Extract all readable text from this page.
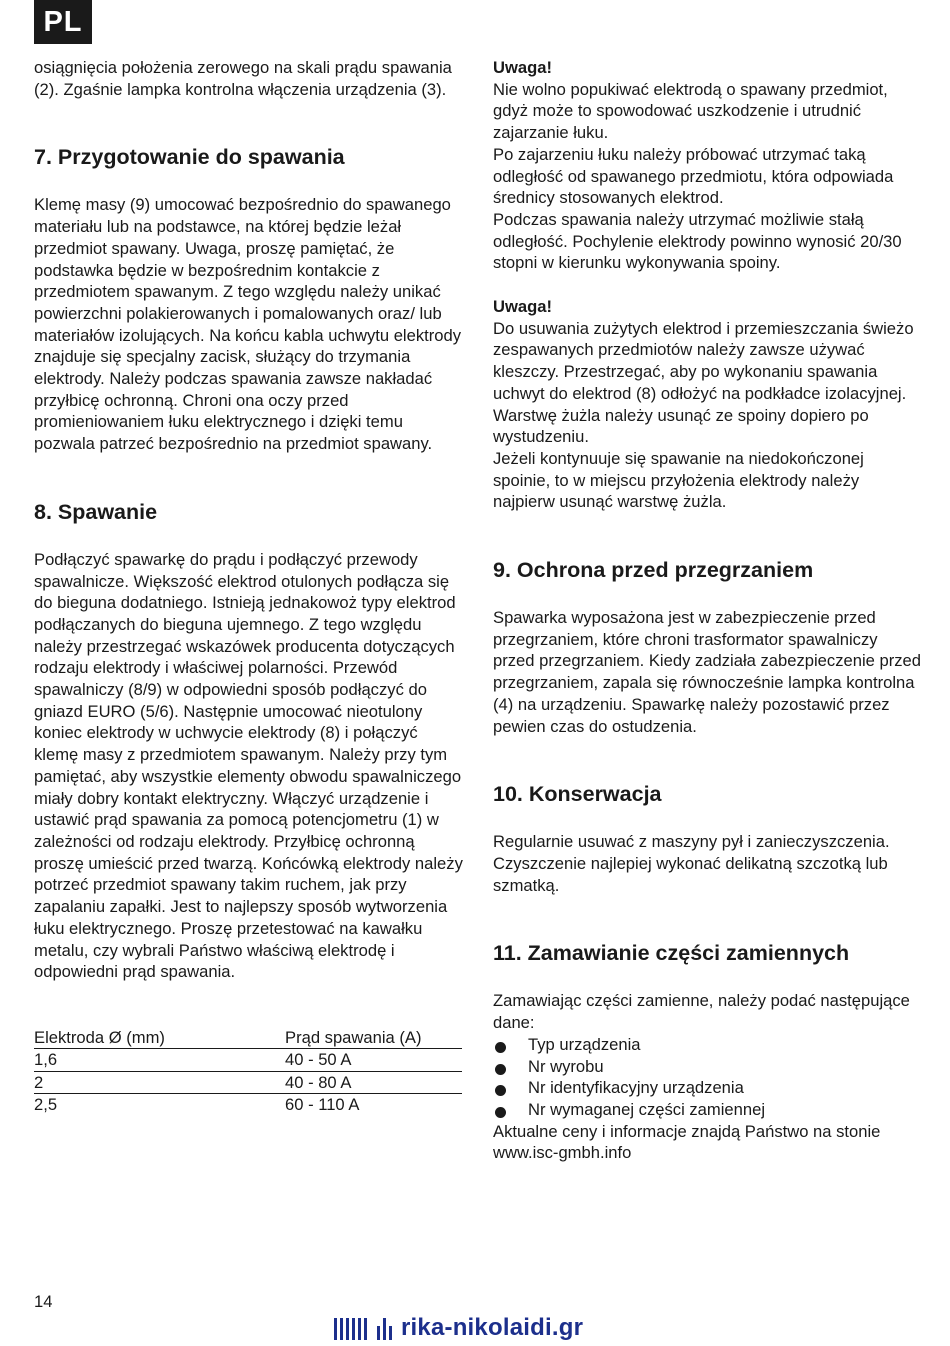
PL

osiągnięcia położenia zerowego na skali prądu spawania (2). Zgaśnie lampka kontrolna włączenia urządzenia (3).

7. Przygotowanie do spawania

Klemę masy (9) umocować bezpośrednio do spawanego materiału lub na podstawce, na której będzie leżał przedmiot spawany. Uwaga, proszę pamiętać, że podstawka będzie w bezpośrednim kontakcie z przedmiotem spawanym. Z tego względu należy unikać powierzchni polakierowanych i pomalowanych oraz/ lub materiałów izolujących. Na końcu kabla uchwytu elektrody znajduje się specjalny zacisk, służący do trzymania elektrody. Należy podczas spawania zawsze nakładać przyłbicę ochronną. Chroni ona oczy przed promieniowaniem łuku elektrycznego i dzięki temu pozwala patrzeć bezpośrednio na przedmiot spawany.

8. Spawanie

Podłączyć spawarkę do prądu i podłączyć przewody spawalnicze. Większość elektrod otulonych podłącza się do bieguna dodatniego. Istnieją jednakowoż typy elektrod podłączanych do bieguna ujemnego. Z tego względu należy przestrzegać wskazówek producenta dotyczących rodzaju elektrody i właściwej polarności. Przewód spawalniczy (8/9) w odpowiedni sposób podłączyć do gniazd EURO (5/6). Następnie umocować nieotulony koniec elektrody w uchwycie elektrody (8) i połączyć klemę masy z przedmiotem spawanym. Należy przy tym pamiętać, aby wszystkie elementy obwodu spawalniczego miały dobry kontakt elektryczny. Włączyć urządzenie i ustawić prąd spawania za pomocą potencjometru (1) w zależności od rodzaju elektrody. Przyłbicę ochronną proszę umieścić przed twarzą. Końcówką elektrody należy potrzeć przedmiot spawany takim ruchem, jak przy zapalaniu zapałki. Jest to najlepszy sposób wytworzenia łuku elektrycznego. Proszę przetestować na kawałku metalu, czy wybrali Państwo właściwą elektrodę i odpowiedni prąd spawania.

Elektroda Ø (mm)	Prąd spawania (A)
1,6	40 - 50 A
2	40 - 80 A
2,5	60 - 110 A

Uwaga!

Nie wolno popukiwać elektrodą o spawany przedmiot, gdyż może to spowodować uszkodzenie i utrudnić zajarzanie łuku.

Po zajarzeniu łuku należy próbować utrzymać taką odległość od spawanego przedmiotu, która odpowiada średnicy stosowanych elektrod.

Podczas spawania należy utrzymać możliwie stałą odległość. Pochylenie elektrody powinno wynosić 20/30 stopni w kierunku wykonywania spoiny.

Uwaga!

Do usuwania zużytych elektrod i przemieszczania świeżo zespawanych przedmiotów należy zawsze używać kleszczy. Przestrzegać, aby po wykonaniu spawania uchwyt do elektrod (8) odłożyć na podkładce izolacyjnej.

Warstwę żużla należy usunąć ze spoiny dopiero po wystudzeniu.

Jeżeli kontynuuje się spawanie na niedokończonej spoinie, to w miejscu przyłożenia elektrody należy najpierw usunąć warstwę żużla.

9. Ochrona przed przegrzaniem

Spawarka wyposażona jest w zabezpieczenie przed przegrzaniem, które chroni trasformator spawalniczy przed przegrzaniem. Kiedy zadziała zabezpieczenie przed przegrzaniem, zapala się równocześnie lampka kontrolna (4) na urządzeniu. Spawarkę należy pozostawić przez pewien czas do ostudzenia.

10. Konserwacja

Regularnie usuwać z maszyny pył i zanieczyszczenia. Czyszczenie najlepiej wykonać delikatną szczotką lub szmatką.

11. Zamawianie części zamiennych

Zamawiając części zamienne, należy podać następujące dane:

Typ urządzenia
Nr wyrobu
Nr identyfikacyjny urządzenia
Nr wymaganej części zamiennej

Aktualne ceny i informacje znajdą Państwo na stonie www.isc-gmbh.info

14
rika-nikolaidi.gr
